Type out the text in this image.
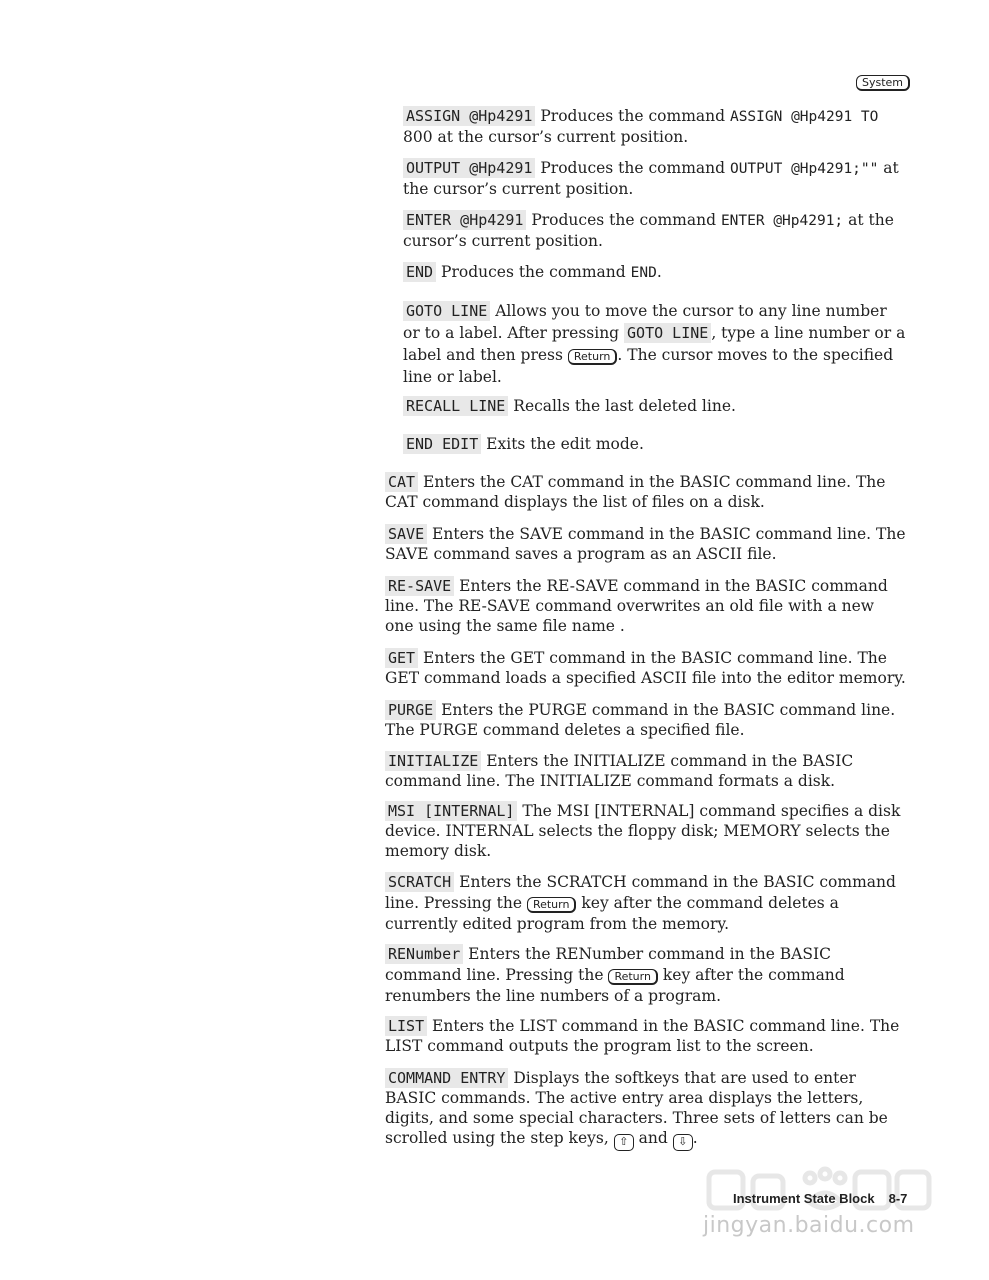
System

ASSIGN @Hp4291 Produces the command ASSIGN @Hp4291 TO 800 at the cursor’s current position.

OUTPUT @Hp4291 Produces the command OUTPUT @Hp4291;"" at the cursor’s current position.

ENTER @Hp4291 Produces the command ENTER @Hp4291; at the cursor’s current position.

END Produces the command END.

GOTO LINE Allows you to move the cursor to any line number or to a label. After pressing GOTO LINE , type a line number or a label and then press Return . The cursor moves to the specified line or label.

RECALL LINE Recalls the last deleted line.

END EDIT Exits the edit mode.

CAT Enters the CAT command in the BASIC command line. The CAT command displays the list of files on a disk.

SAVE Enters the SAVE command in the BASIC command line. The SAVE command saves a program as an ASCII file.

RE-SAVE Enters the RE-SAVE command in the BASIC command line. The RE-SAVE command overwrites an old file with a new one using the same file name .

GET Enters the GET command in the BASIC command line. The GET command loads a specified ASCII file into the editor memory.

PURGE Enters the PURGE command in the BASIC command line. The PURGE command deletes a specified file.

INITIALIZE Enters the INITIALIZE command in the BASIC command line. The INITIALIZE command formats a disk.

MSI [INTERNAL] The MSI [INTERNAL] command specifies a disk device. INTERNAL selects the floppy disk; MEMORY selects the memory disk.

SCRATCH Enters the SCRATCH command in the BASIC command line. Pressing the Return key after the command deletes a currently edited program from the memory.

RENumber Enters the RENumber command in the BASIC command line. Pressing the Return key after the command renumbers the line numbers of a program.

LIST Enters the LIST command in the BASIC command line. The LIST command outputs the program list to the screen.

COMMAND ENTRY Displays the softkeys that are used to enter BASIC commands. The active entry area displays the letters, digits, and some special characters. Three sets of letters can be scrolled using the step keys, ⇧ and ⇩ .

Instrument State Block 8-7
jingyan.baidu.com
